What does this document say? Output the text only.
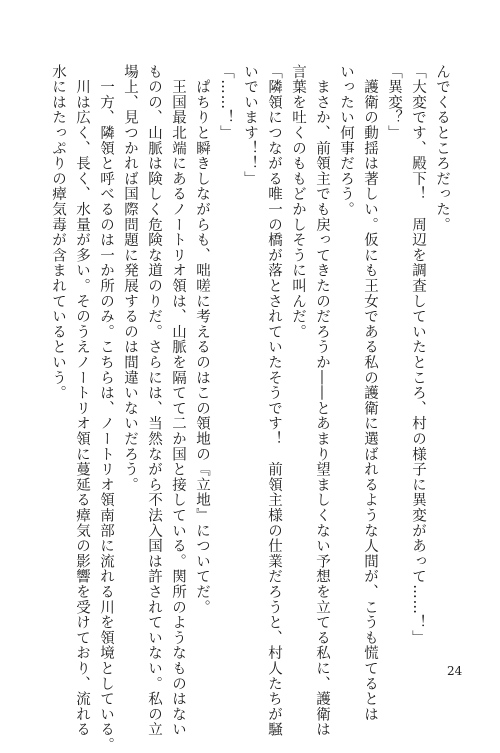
んでくるところだった。
「大変です、殿下！　周辺を調査していたところ、村の様子に異変があって……！」
「異変？」
　護衛の動揺は著しい。仮にも王女である私の護衛に選ばれるような人間が、こうも慌てるとは
いったい何事だろう。
　まさか、前領主でも戻ってきたのだろうか――とあまり望ましくない予想を立てる私に、護衛は
言葉を吐くのももどかしそうに叫んだ。
「隣領につながる唯一の橋が落とされていたそうです！　前領主様の仕業だろうと、村人たちが騒
いでいます！！」
「……！」
　ぱちりと瞬きしながらも、咄嗟に考えるのはこの領地の『立地』についてだ。
　王国最北端にあるノートリオ領は、山脈を隔てて二か国と接している。関所のようなものはない
ものの、山脈は険しく危険な道のりだ。さらには、当然ながら不法入国は許されていない。私の立
場上、見つかれば国際問題に発展するのは間違いないだろう。
　一方、隣領と呼べるのは一か所のみ。こちらは、ノートリオ領南部に流れる川を領境としている。
　川は広く、長く、水量が多い。そのうえノートリオ領に蔓延る瘴気の影響を受けており、流れる
水にはたっぷりの瘴気毒が含まれているという。
24
